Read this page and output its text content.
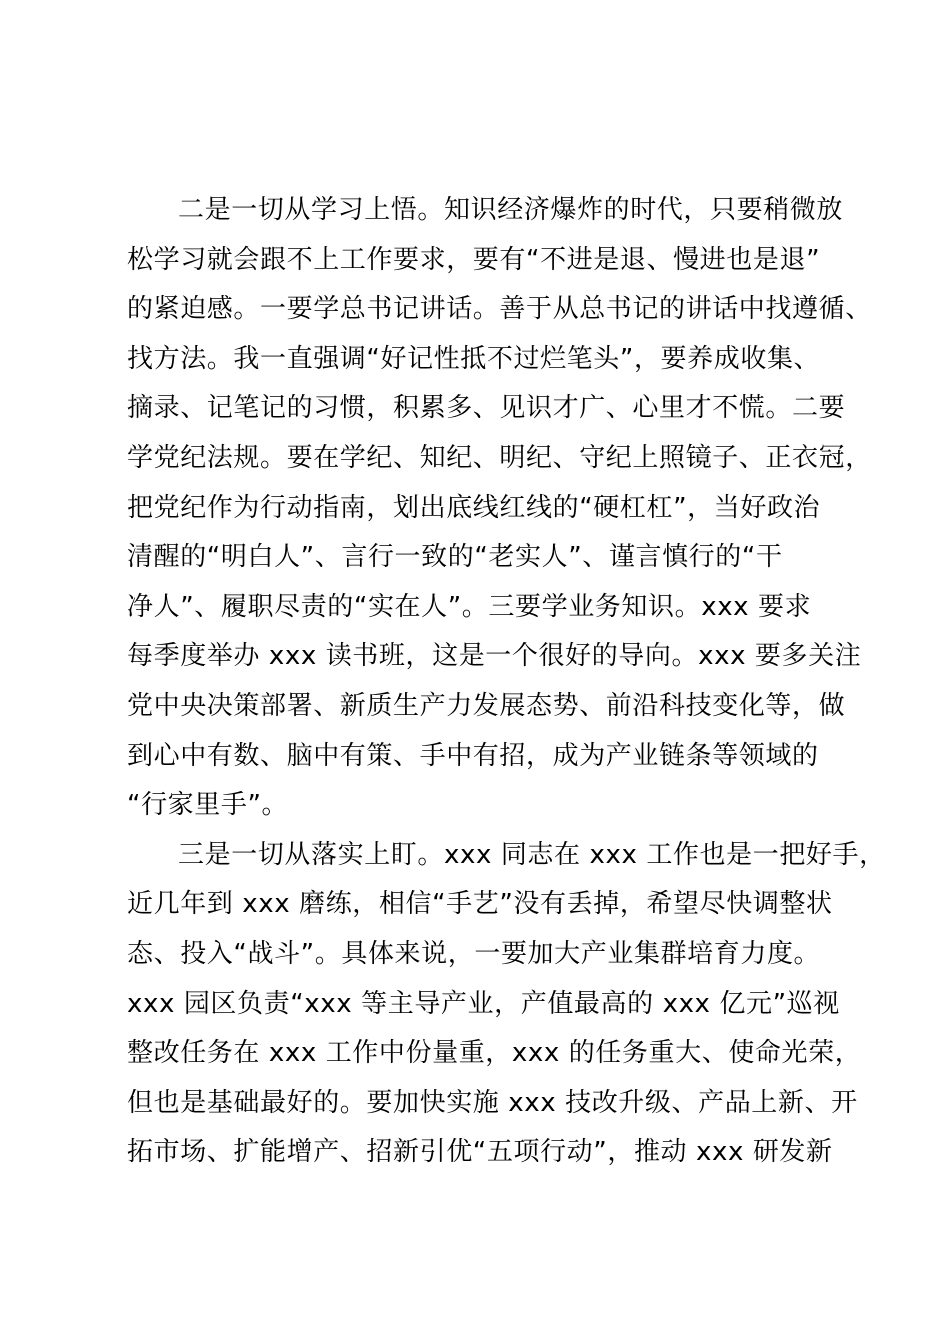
二是一切从学习上悟。知识经济爆炸的时代，只要稍微放
松学习就会跟不上工作要求，要有“不进是退、慢进也是退”
的紧迫感。一要学总书记讲话。善于从总书记的讲话中找遵循、
找方法。我一直强调“好记性抵不过烂笔头”，要养成收集、
摘录、记笔记的习惯，积累多、见识才广、心里才不慌。二要
学党纪法规。要在学纪、知纪、明纪、守纪上照镜子、正衣冠，
把党纪作为行动指南，划出底线红线的“硬杠杠”，当好政治
清醒的“明白人”、言行一致的“老实人”、谨言慎行的“干
净人”、履职尽责的“实在人”。三要学业务知识。xxx 要求
每季度举办 xxx 读书班，这是一个很好的导向。xxx 要多关注
党中央决策部署、新质生产力发展态势、前沿科技变化等，做
到心中有数、脑中有策、手中有招，成为产业链条等领域的
“行家里手”。
三是一切从落实上盯。xxx 同志在 xxx 工作也是一把好手，
近几年到 xxx 磨练，相信“手艺”没有丢掉，希望尽快调整状
态、投入“战斗”。具体来说，一要加大产业集群培育力度。
xxx 园区负责“xxx 等主导产业，产值最高的 xxx 亿元”巡视
整改任务在 xxx 工作中份量重，xxx 的任务重大、使命光荣，
但也是基础最好的。要加快实施 xxx 技改升级、产品上新、开
拓市场、扩能增产、招新引优“五项行动”，推动 xxx 研发新
